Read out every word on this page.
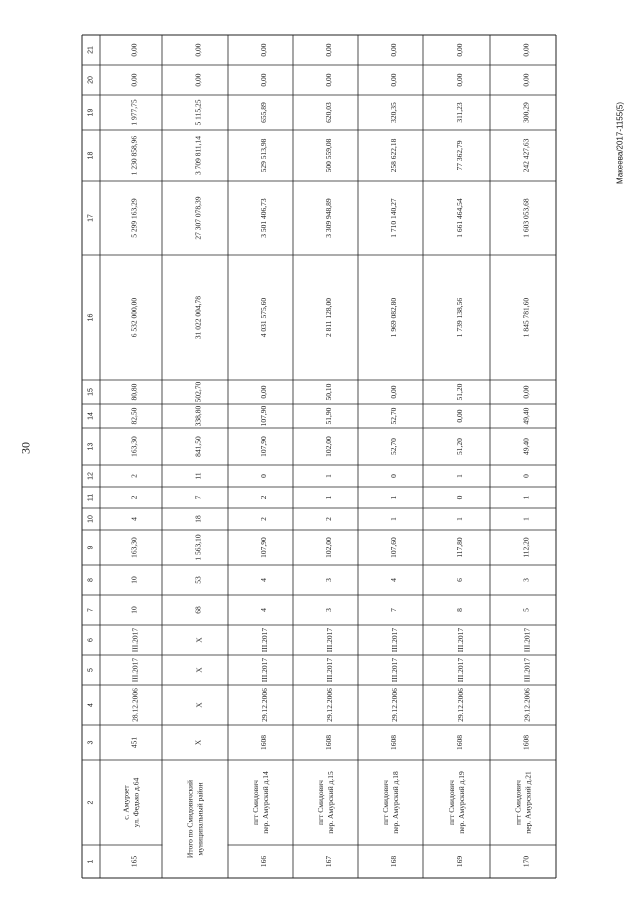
30
Макеева/2017-1155(5)
1
2
3
4
5
6
7
8
9
10
11
12
13
14
15
16
17
18
19
20
21
165
с. Амурзет ул. Федько д.64
451
28.12.2006
III.2017
III.2017
10
10
163,30
4
2
2
163,30
82,50
80,80
6 532 000,00
5 299 163,29
1 230 858,96
1 977,75
0,00
0,00
Итого по Смидовичский муниципальный район
X
X
X
X
68
53
1 563,10
18
7
11
841,50
338,80
502,70
31 022 004,78
27 307 078,39
3 709 811,14
5 115,25
0,00
0,00
166
пгт Смидович пер. Амурский д.14
1608
29.12.2006
III.2017
III.2017
4
4
107,90
2
2
0
107,90
107,90
0,00
4 031 575,60
3 501 406,73
529 513,98
655,89
0,00
0,00
167
пгт Смидович пер. Амурский д.15
1608
29.12.2006
III.2017
III.2017
3
3
102,00
2
1
1
102,00
51,90
50,10
2 811 128,00
3 309 948,89
500 559,08
620,03
0,00
0,00
168
пгт Смидович пер. Амурский д.18
1608
29.12.2006
III.2017
III.2017
7
4
107,60
1
1
0
52,70
52,70
0,00
1 969 082,80
1 710 140,27
258 622,18
320,35
0,00
0,00
169
пгт Смидович пер. Амурский д.19
1608
29.12.2006
III.2017
III.2017
8
6
117,80
1
0
1
51,20
0,00
51,20
1 739 138,56
1 661 464,54
77 362,79
311,23
0,00
0,00
170
пгт Смидович пер. Амурский д.21
1608
29.12.2006
III.2017
III.2017
5
3
112,20
1
1
0
49,40
49,40
0,00
1 845 781,60
1 603 053,68
242 427,63
300,29
0,00
0,00
